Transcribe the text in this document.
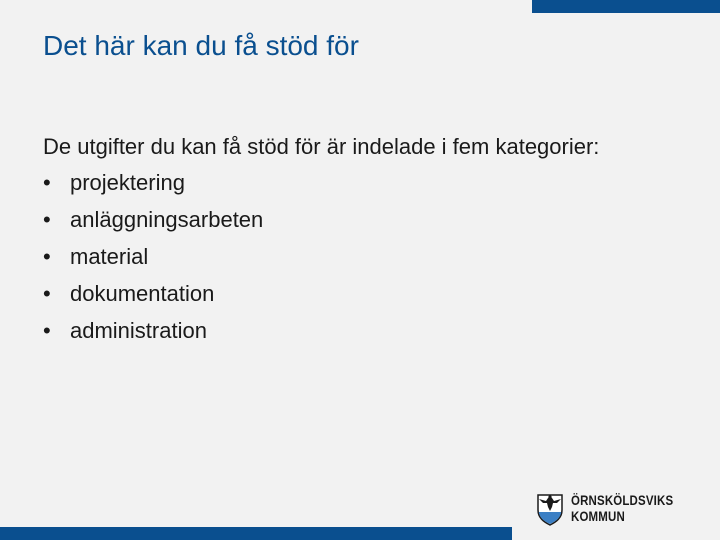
Det här kan du få stöd för

De utgifter du kan få stöd för är indelade i fem kategorier:

• projektering
• anläggningsarbeten
• material
• dokumentation
• administration
ÖRNSKÖLDSVIKS
KOMMUN
